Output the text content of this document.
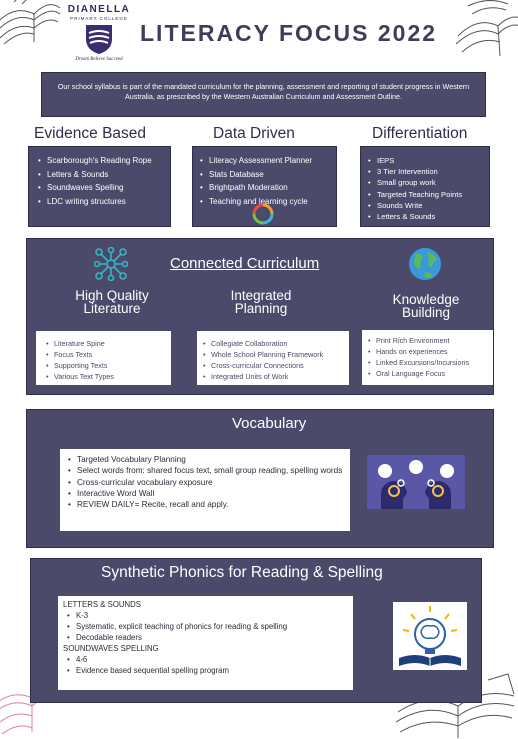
DIANELLA
PRIMARY COLLEGE
Dream Believe Succeed
LITERACY FOCUS 2022
Our school syllabus is part of the mandated curriculum for the planning, assessment and reporting of student progress in Western Australia, as prescribed by the Western Australian Curriculum and Assessment Outline.
Evidence Based	Data Driven	Differentiation
• Scarborough's Reading Rope
• Letters & Sounds
• Soundwaves Spelling
• LDC writing structures
• Literacy Assessment Planner
• Stats Database
• Brightpath Moderation
• Teaching and learning cycle
• IEPS
• 3 Tier Intervention
• Small group work
• Targeted Teaching Points
• Sounds Write
• Letters & Sounds
Connected Curriculum
High Quality
Literature
Integrated
Planning
Knowledge
Building
• Literature Spine
• Focus Texts
• Supporting Texts
• Various Text Types
• Collegiate Collaboration
• Whole School Planning Framework
• Cross-curricular Connections
• Integrated Units of Work
• Print Rich Environment
• Hands on experiences
• Linked Excursions/Incursions
• Oral Language Focus
Vocabulary
• Targeted Vocabulary Planning
• Select words from: shared focus text, small group reading, spelling words
• Cross-curricular vocabulary exposure
• Interactive Word Wall
• REVIEW DAILY= Recite, recall and apply.
Synthetic Phonics for Reading & Spelling
LETTERS & SOUNDS
• K-3
• Systematic, explicit teaching of phonics for reading & spelling
• Decodable readers
SOUNDWAVES SPELLING
• 4-6
• Evidence based sequential spelling program
